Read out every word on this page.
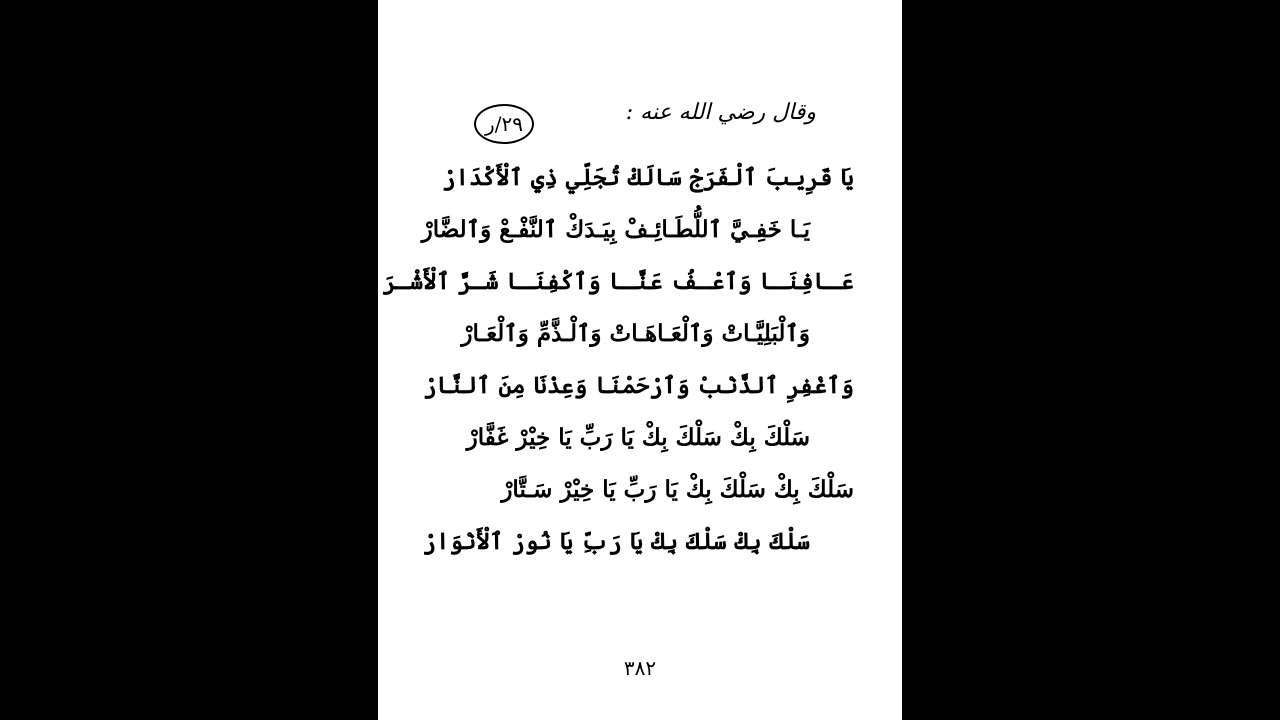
وقال رضي الله عنه :
٢٩/ر
يَا قَرِيبَ ٱلْفَرَجْ سَالَكْ تُجَلِّي ذِي ٱلْأَكْدَارْ
يَـا خَفِـيَّ ٱللُّطَـائِـفْ بِيَـدَكْ ٱلنَّفْـعْ وَٱلضَّارْ
عَـافِنَـا وَٱعْـفُ عَنَّـا وَٱكْفِنَـا شَـرَّ ٱلْأَشْـرَارْ
وَٱلْبَلِيَّـاتْ وَٱلْعَـاهَـاتْ وَٱلْـذَّمِّ وَٱلْعَـارْ
وَٱغْفِرِ ٱلذَّنْبْ وَٱرْحَمْنَا وَعِذْنَا مِنَ ٱلنَّارْ
سَلْكَ بِكْ سَلْكَ بِكْ يَا رَبِّ يَا خِيْرْ غَفَّارْ
سَلْكَ بِكْ سَلْكَ بِكْ يَا رَبِّ يَا خِيْرْ سَـتَّارْ
سَلْكَ بِكْ سَلْكَ بِكْ يَا رَبِّ يَا نُورْ ٱلْأَنْوَارْ
٣٨٢
